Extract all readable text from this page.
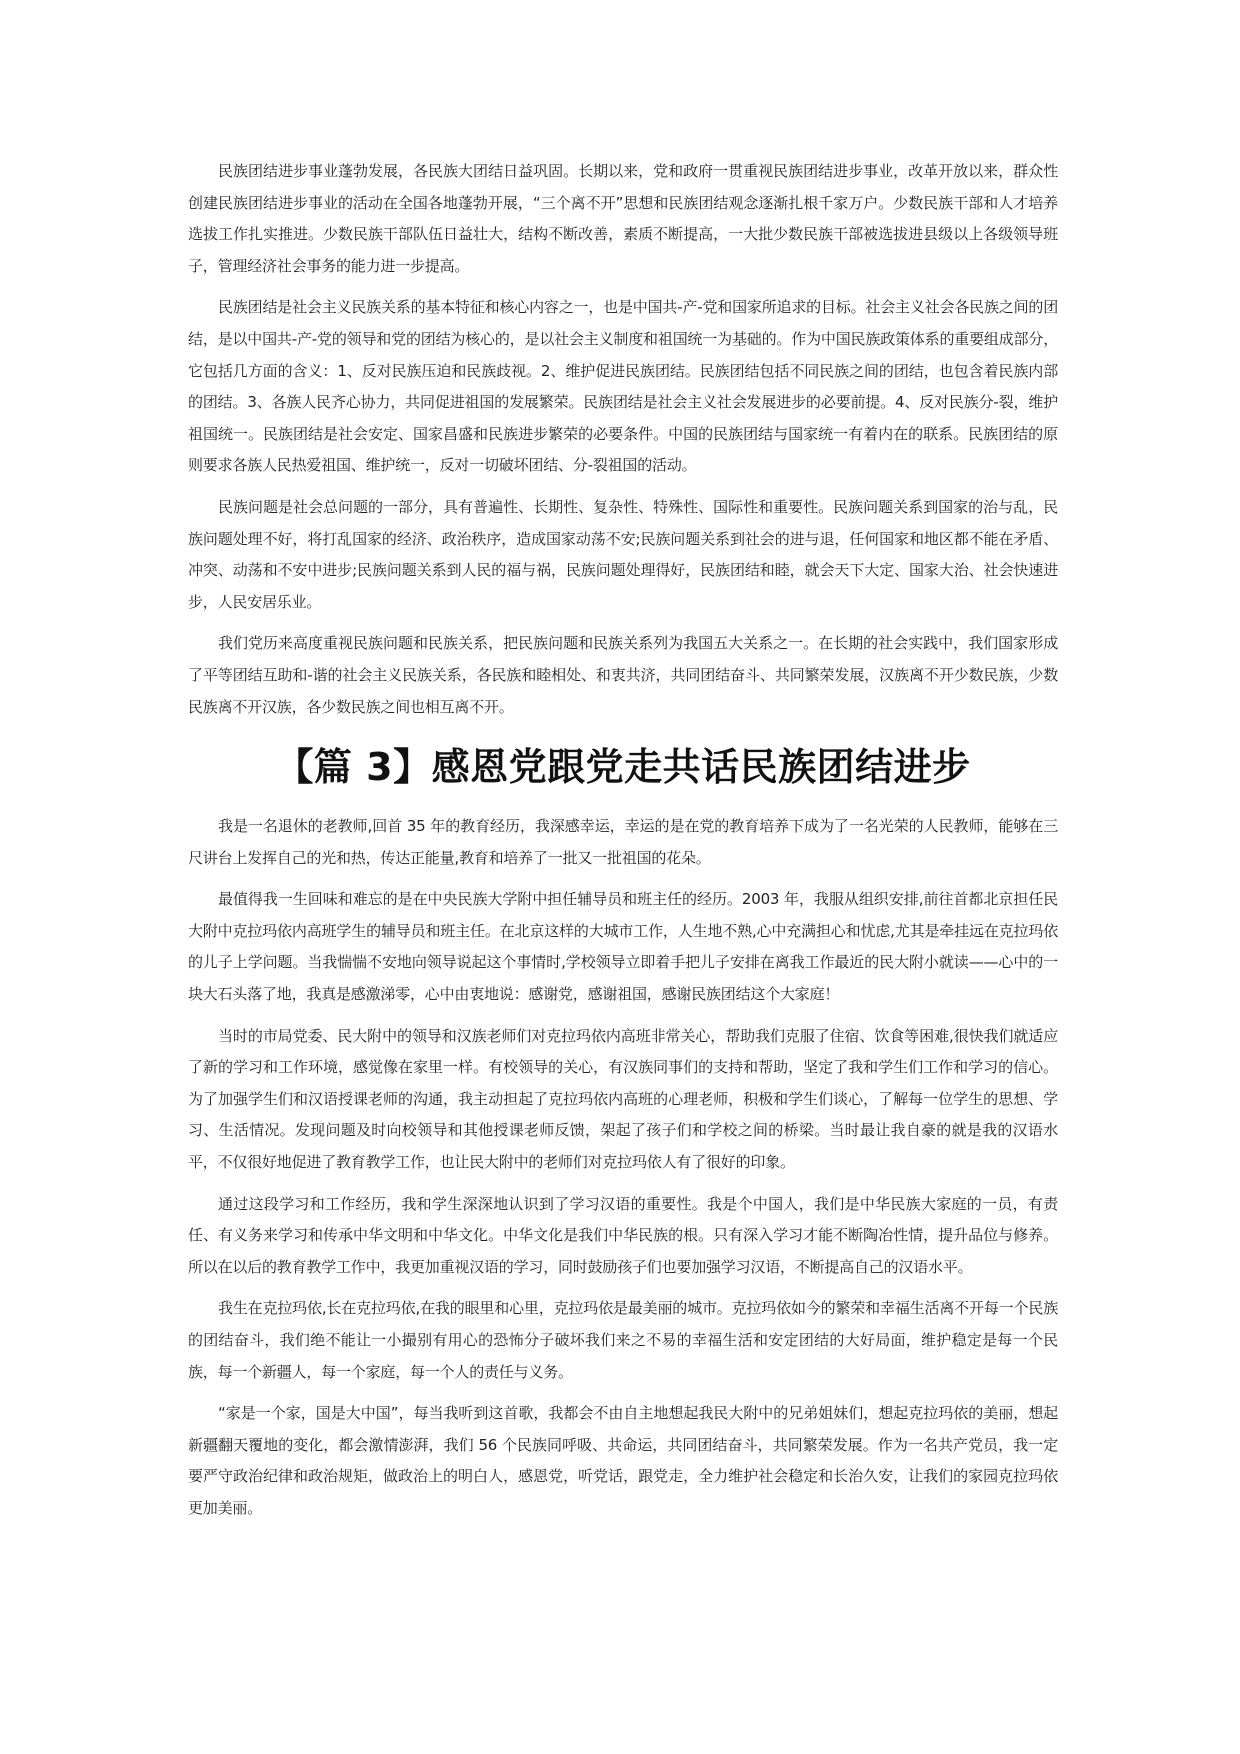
民族团结进步事业蓬勃发展，各民族大团结日益巩固。长期以来，党和政府一贯重视民族团结进步事业，改革开放以来，群众性创建民族团结进步事业的活动在全国各地蓬勃开展，“三个离不开”思想和民族团结观念逐渐扎根千家万户。少数民族干部和人才培养选拔工作扎实推进。少数民族干部队伍日益壮大，结构不断改善，素质不断提高，一大批少数民族干部被选拔进县级以上各级领导班子，管理经济社会事务的能力进一步提高。

民族团结是社会主义民族关系的基本特征和核心内容之一，也是中国共-产-党和国家所追求的目标。社会主义社会各民族之间的团结，是以中国共-产-党的领导和党的团结为核心的，是以社会主义制度和祖国统一为基础的。作为中国民族政策体系的重要组成部分，它包括几方面的含义：1、反对民族压迫和民族歧视。2、维护促进民族团结。民族团结包括不同民族之间的团结，也包含着民族内部的团结。3、各族人民齐心协力，共同促进祖国的发展繁荣。民族团结是社会主义社会发展进步的必要前提。4、反对民族分-裂，维护祖国统一。民族团结是社会安定、国家昌盛和民族进步繁荣的必要条件。中国的民族团结与国家统一有着内在的联系。民族团结的原则要求各族人民热爱祖国、维护统一，反对一切破坏团结、分-裂祖国的活动。

民族问题是社会总问题的一部分，具有普遍性、长期性、复杂性、特殊性、国际性和重要性。民族问题关系到国家的治与乱，民族问题处理不好，将打乱国家的经济、政治秩序，造成国家动荡不安;民族问题关系到社会的进与退，任何国家和地区都不能在矛盾、冲突、动荡和不安中进步;民族问题关系到人民的福与祸，民族问题处理得好，民族团结和睦，就会天下大定、国家大治、社会快速进步，人民安居乐业。

我们党历来高度重视民族问题和民族关系，把民族问题和民族关系列为我国五大关系之一。在长期的社会实践中，我们国家形成了平等团结互助和-谐的社会主义民族关系，各民族和睦相处、和衷共济，共同团结奋斗、共同繁荣发展，汉族离不开少数民族，少数民族离不开汉族，各少数民族之间也相互离不开。

【篇 3】感恩党跟党走共话民族团结进步

我是一名退休的老教师,回首 35 年的教育经历，我深感幸运，幸运的是在党的教育培养下成为了一名光荣的人民教师，能够在三尺讲台上发挥自己的光和热，传达正能量,教育和培养了一批又一批祖国的花朵。

最值得我一生回味和难忘的是在中央民族大学附中担任辅导员和班主任的经历。2003 年，我服从组织安排,前往首都北京担任民大附中克拉玛依内高班学生的辅导员和班主任。在北京这样的大城市工作，人生地不熟,心中充满担心和忧虑,尤其是牵挂远在克拉玛依的儿子上学问题。当我惴惴不安地向领导说起这个事情时,学校领导立即着手把儿子安排在离我工作最近的民大附小就读——心中的一块大石头落了地，我真是感激涕零，心中由衷地说：感谢党，感谢祖国，感谢民族团结这个大家庭！

当时的市局党委、民大附中的领导和汉族老师们对克拉玛依内高班非常关心，帮助我们克服了住宿、饮食等困难,很快我们就适应了新的学习和工作环境，感觉像在家里一样。有校领导的关心，有汉族同事们的支持和帮助，坚定了我和学生们工作和学习的信心。为了加强学生们和汉语授课老师的沟通，我主动担起了克拉玛依内高班的心理老师，积极和学生们谈心，了解每一位学生的思想、学习、生活情况。发现问题及时向校领导和其他授课老师反馈，架起了孩子们和学校之间的桥梁。当时最让我自豪的就是我的汉语水平，不仅很好地促进了教育教学工作，也让民大附中的老师们对克拉玛依人有了很好的印象。

通过这段学习和工作经历，我和学生深深地认识到了学习汉语的重要性。我是个中国人，我们是中华民族大家庭的一员，有责任、有义务来学习和传承中华文明和中华文化。中华文化是我们中华民族的根。只有深入学习才能不断陶冶性情，提升品位与修养。所以在以后的教育教学工作中，我更加重视汉语的学习，同时鼓励孩子们也要加强学习汉语，不断提高自己的汉语水平。

我生在克拉玛依,长在克拉玛依,在我的眼里和心里，克拉玛依是最美丽的城市。克拉玛依如今的繁荣和幸福生活离不开每一个民族的团结奋斗，我们绝不能让一小撮别有用心的恐怖分子破坏我们来之不易的幸福生活和安定团结的大好局面，维护稳定是每一个民族，每一个新疆人，每一个家庭，每一个人的责任与义务。

“家是一个家，国是大中国”，每当我听到这首歌，我都会不由自主地想起我民大附中的兄弟姐妹们，想起克拉玛依的美丽，想起新疆翻天覆地的变化，都会激情澎湃，我们 56 个民族同呼吸、共命运，共同团结奋斗，共同繁荣发展。作为一名共产党员，我一定要严守政治纪律和政治规矩，做政治上的明白人，感恩党，听党话，跟党走，全力维护社会稳定和长治久安，让我们的家园克拉玛依更加美丽。
